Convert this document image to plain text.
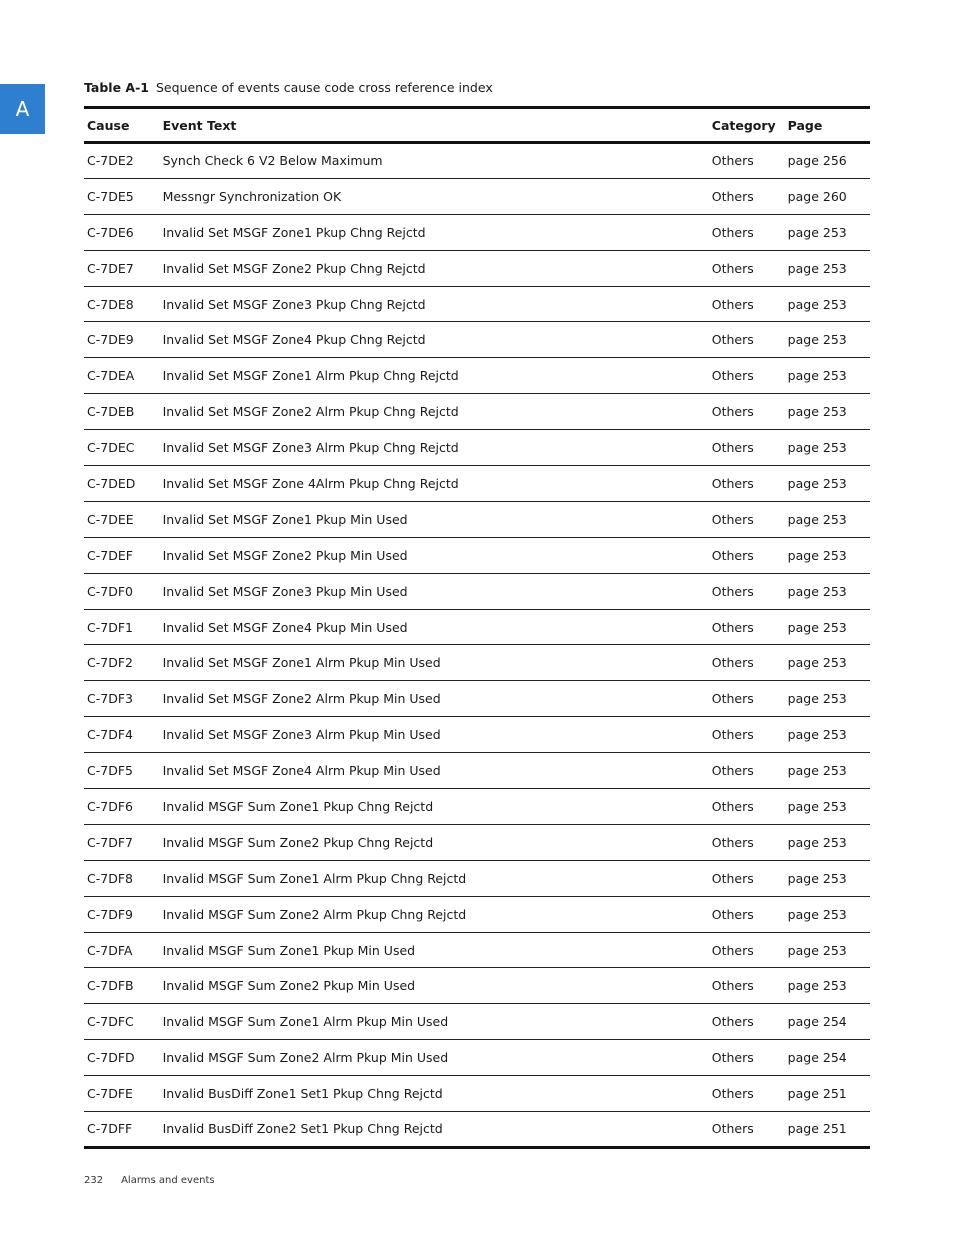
A
Table A-1 Sequence of events cause code cross reference index
Cause	Event Text	Category	Page
C-7DE2	Synch Check 6 V2 Below Maximum	Others	page 256
C-7DE5	Messngr Synchronization OK	Others	page 260
C-7DE6	Invalid Set MSGF Zone1 Pkup Chng Rejctd	Others	page 253
C-7DE7	Invalid Set MSGF Zone2 Pkup Chng Rejctd	Others	page 253
C-7DE8	Invalid Set MSGF Zone3 Pkup Chng Rejctd	Others	page 253
C-7DE9	Invalid Set MSGF Zone4 Pkup Chng Rejctd	Others	page 253
C-7DEA	Invalid Set MSGF Zone1 Alrm Pkup Chng Rejctd	Others	page 253
C-7DEB	Invalid Set MSGF Zone2 Alrm Pkup Chng Rejctd	Others	page 253
C-7DEC	Invalid Set MSGF Zone3 Alrm Pkup Chng Rejctd	Others	page 253
C-7DED	Invalid Set MSGF Zone 4Alrm Pkup Chng Rejctd	Others	page 253
C-7DEE	Invalid Set MSGF Zone1 Pkup Min Used	Others	page 253
C-7DEF	Invalid Set MSGF Zone2 Pkup Min Used	Others	page 253
C-7DF0	Invalid Set MSGF Zone3 Pkup Min Used	Others	page 253
C-7DF1	Invalid Set MSGF Zone4 Pkup Min Used	Others	page 253
C-7DF2	Invalid Set MSGF Zone1 Alrm Pkup Min Used	Others	page 253
C-7DF3	Invalid Set MSGF Zone2 Alrm Pkup Min Used	Others	page 253
C-7DF4	Invalid Set MSGF Zone3 Alrm Pkup Min Used	Others	page 253
C-7DF5	Invalid Set MSGF Zone4 Alrm Pkup Min Used	Others	page 253
C-7DF6	Invalid MSGF Sum Zone1 Pkup Chng Rejctd	Others	page 253
C-7DF7	Invalid MSGF Sum Zone2 Pkup Chng Rejctd	Others	page 253
C-7DF8	Invalid MSGF Sum Zone1 Alrm Pkup Chng Rejctd	Others	page 253
C-7DF9	Invalid MSGF Sum Zone2 Alrm Pkup Chng Rejctd	Others	page 253
C-7DFA	Invalid MSGF Sum Zone1 Pkup Min Used	Others	page 253
C-7DFB	Invalid MSGF Sum Zone2 Pkup Min Used	Others	page 253
C-7DFC	Invalid MSGF Sum Zone1 Alrm Pkup Min Used	Others	page 254
C-7DFD	Invalid MSGF Sum Zone2 Alrm Pkup Min Used	Others	page 254
C-7DFE	Invalid BusDiff Zone1 Set1 Pkup Chng Rejctd	Others	page 251
C-7DFF	Invalid BusDiff Zone2 Set1 Pkup Chng Rejctd	Others	page 251
232 Alarms and events
